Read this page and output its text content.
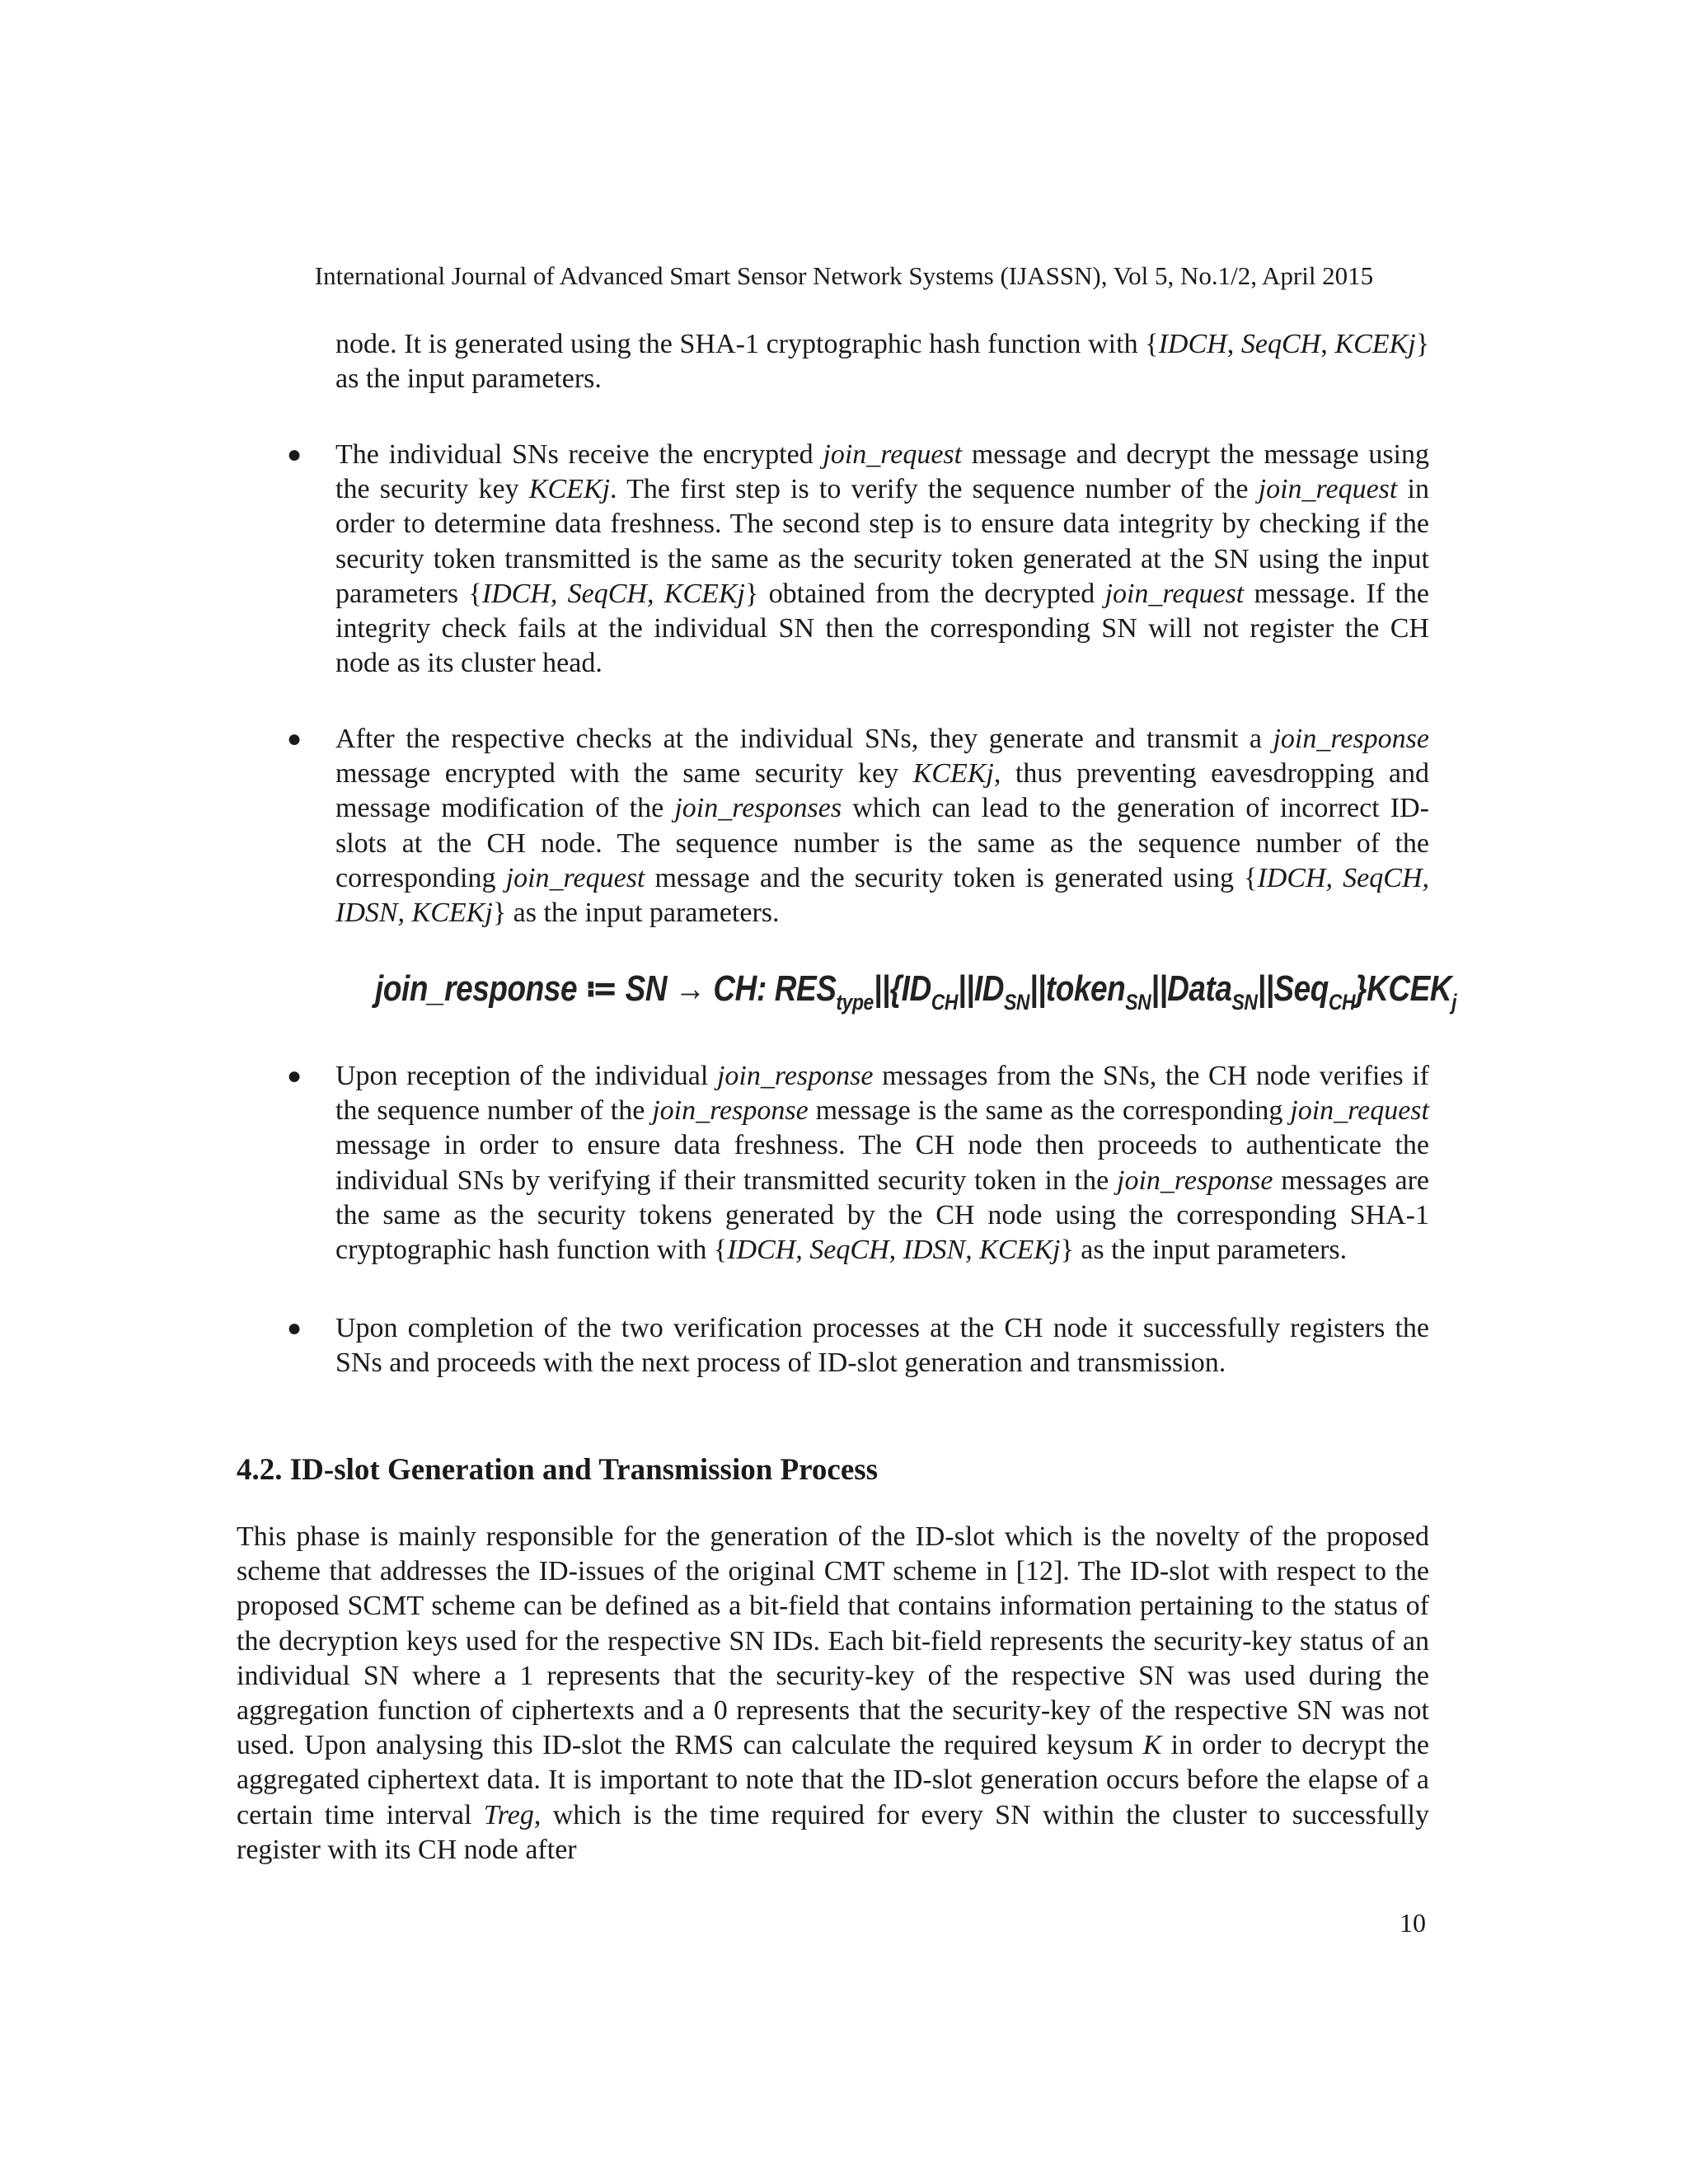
International Journal of Advanced Smart Sensor Network Systems (IJASSN), Vol 5, No.1/2, April 2015
node. It is generated using the SHA-1 cryptographic hash function with {IDCH, SeqCH, KCEKj} as the input parameters.
● The individual SNs receive the encrypted join_request message and decrypt the message using the security key KCEKj. The first step is to verify the sequence number of the join_request in order to determine data freshness. The second step is to ensure data integrity by checking if the security token transmitted is the same as the security token generated at the SN using the input parameters {IDCH, SeqCH, KCEKj} obtained from the decrypted join_request message. If the integrity check fails at the individual SN then the corresponding SN will not register the CH node as its cluster head.
● After the respective checks at the individual SNs, they generate and transmit a join_response message encrypted with the same security key KCEKj, thus preventing eavesdropping and message modification of the join_responses which can lead to the generation of incorrect ID-slots at the CH node. The sequence number is the same as the sequence number of the corresponding join_request message and the security token is generated using {IDCH, SeqCH, IDSN, KCEKj} as the input parameters.
join_response ≔ SN → CH: $RES_{type}||\{ID_{CH}||ID_{SN}||token_{SN}||Data_{SN}||Seq_{CH}\}KCEK_j$
● Upon reception of the individual join_response messages from the SNs, the CH node verifies if the sequence number of the join_response message is the same as the corresponding join_request message in order to ensure data freshness. The CH node then proceeds to authenticate the individual SNs by verifying if their transmitted security token in the join_response messages are the same as the security tokens generated by the CH node using the corresponding SHA-1 cryptographic hash function with {IDCH, SeqCH, IDSN, KCEKj} as the input parameters.
● Upon completion of the two verification processes at the CH node it successfully registers the SNs and proceeds with the next process of ID-slot generation and transmission.
4.2. ID-slot Generation and Transmission Process
This phase is mainly responsible for the generation of the ID-slot which is the novelty of the proposed scheme that addresses the ID-issues of the original CMT scheme in [12]. The ID-slot with respect to the proposed SCMT scheme can be defined as a bit-field that contains information pertaining to the status of the decryption keys used for the respective SN IDs. Each bit-field represents the security-key status of an individual SN where a 1 represents that the security-key of the respective SN was used during the aggregation function of ciphertexts and a 0 represents that the security-key of the respective SN was not used. Upon analysing this ID-slot the RMS can calculate the required keysum K in order to decrypt the aggregated ciphertext data. It is important to note that the ID-slot generation occurs before the elapse of a certain time interval Treg, which is the time required for every SN within the cluster to successfully register with its CH node after
10
